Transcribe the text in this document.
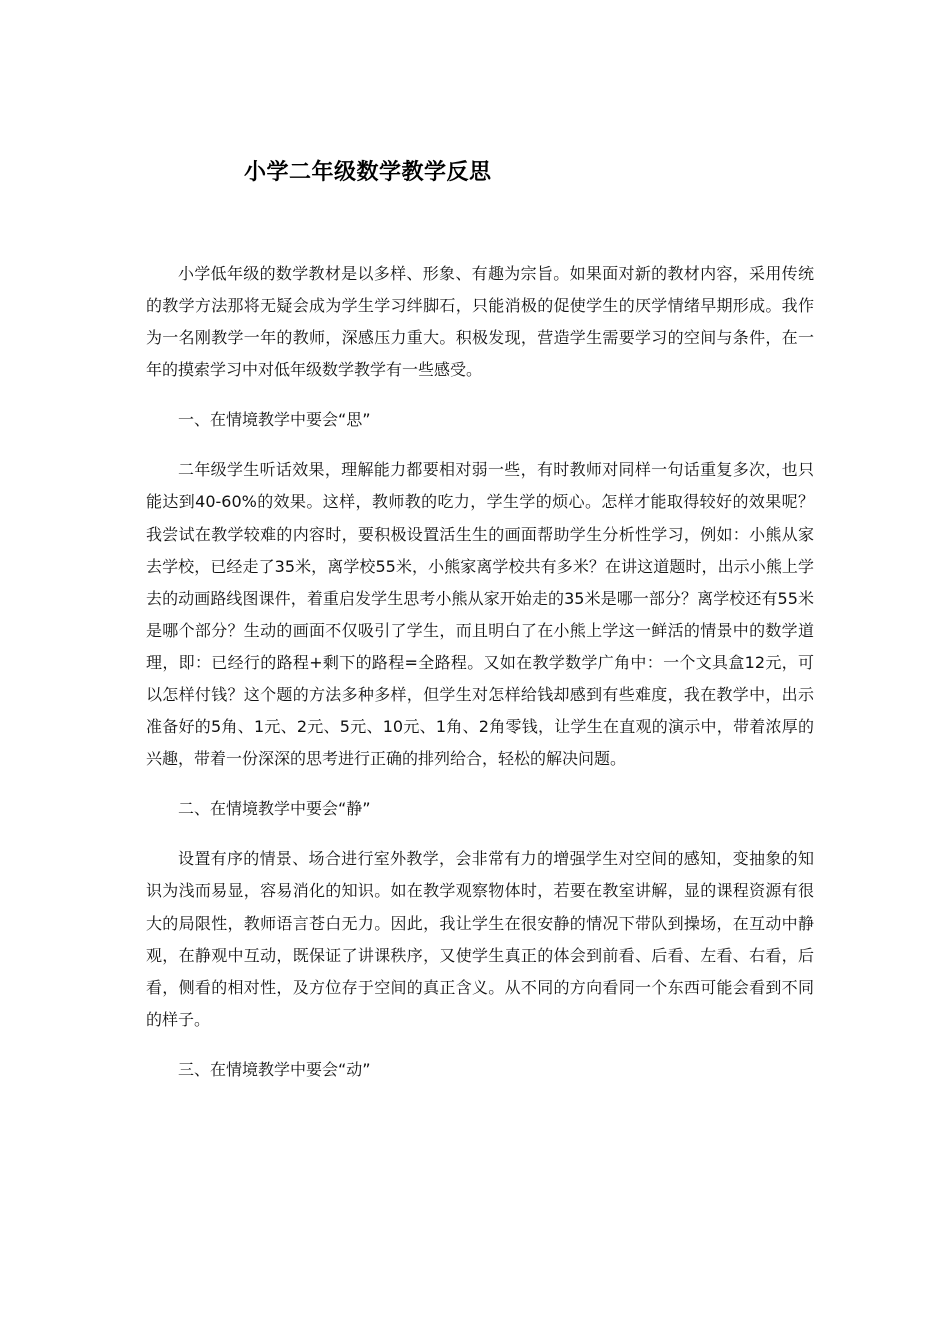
小学二年级数学教学反思

小学低年级的数学教材是以多样、形象、有趣为宗旨。如果面对新的教材内容，采用传统的教学方法那将无疑会成为学生学习绊脚石，只能消极的促使学生的厌学情绪早期形成。我作为一名刚教学一年的教师，深感压力重大。积极发现，营造学生需要学习的空间与条件，在一年的摸索学习中对低年级数学教学有一些感受。

一、在情境教学中要会“思”

二年级学生听话效果，理解能力都要相对弱一些，有时教师对同样一句话重复多次，也只能达到40-60%的效果。这样，教师教的吃力，学生学的烦心。怎样才能取得较好的效果呢？我尝试在教学较难的内容时，要积极设置活生生的画面帮助学生分析性学习，例如：小熊从家去学校，已经走了35米，离学校55米，小熊家离学校共有多米？在讲这道题时，出示小熊上学去的动画路线图课件，着重启发学生思考小熊从家开始走的35米是哪一部分？离学校还有55米是哪个部分？生动的画面不仅吸引了学生，而且明白了在小熊上学这一鲜活的情景中的数学道理，即：已经行的路程+剩下的路程=全路程。又如在教学数学广角中：一个文具盒12元，可以怎样付钱？这个题的方法多种多样，但学生对怎样给钱却感到有些难度，我在教学中，出示准备好的5角、1元、2元、5元、10元、1角、2角零钱，让学生在直观的演示中，带着浓厚的兴趣，带着一份深深的思考进行正确的排列给合，轻松的解决问题。

二、在情境教学中要会“静”

设置有序的情景、场合进行室外教学，会非常有力的增强学生对空间的感知，变抽象的知识为浅而易显，容易消化的知识。如在教学观察物体时，若要在教室讲解，显的课程资源有很大的局限性，教师语言苍白无力。因此，我让学生在很安静的情况下带队到操场，在互动中静观，在静观中互动，既保证了讲课秩序，又使学生真正的体会到前看、后看、左看、右看，后看，侧看的相对性，及方位存于空间的真正含义。从不同的方向看同一个东西可能会看到不同的样子。

三、在情境教学中要会“动”
